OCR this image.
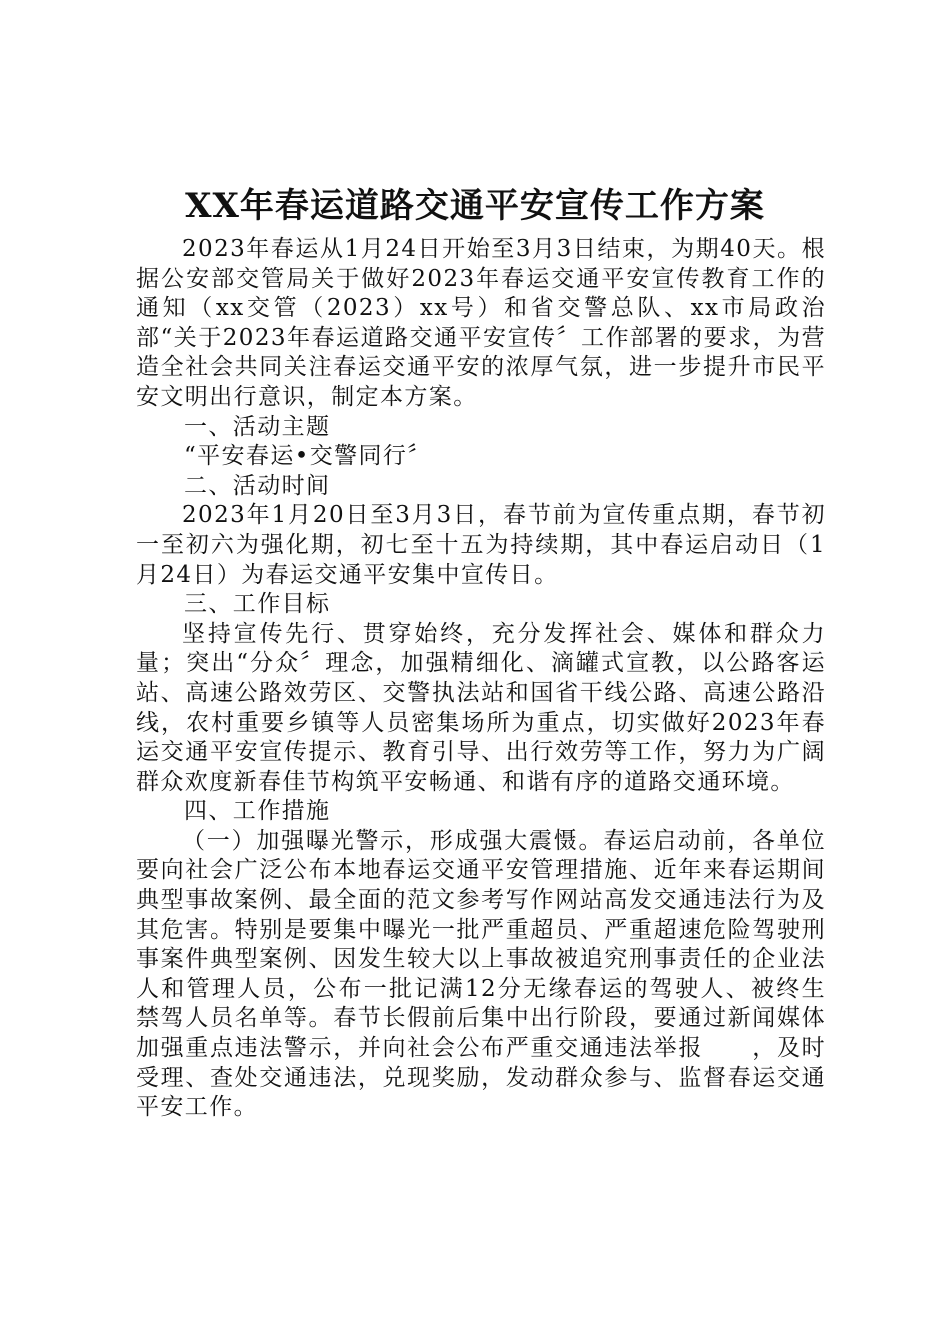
XX年春运道路交通平安宣传工作方案

2023年春运从1月24日开始至3月3日结束，为期40天。根据公安部交管局关于做好2023年春运交通平安宣传教育工作的通知（xx交管（2023）xx号）和省交警总队、xx市局政治部“关于2023年春运道路交通平安宣传〞工作部署的要求，为营造全社会共同关注春运交通平安的浓厚气氛，进一步提升市民平安文明出行意识，制定本方案。

一、活动主题

“平安春运•交警同行〞

二、活动时间

2023年1月20日至3月3日，春节前为宣传重点期，春节初一至初六为强化期，初七至十五为持续期，其中春运启动日（1月24日）为春运交通平安集中宣传日。

三、工作目标

坚持宣传先行、贯穿始终，充分发挥社会、媒体和群众力量；突出“分众〞理念，加强精细化、滴罐式宣教，以公路客运站、高速公路效劳区、交警执法站和国省干线公路、高速公路沿线，农村重要乡镇等人员密集场所为重点，切实做好2023年春运交通平安宣传提示、教育引导、出行效劳等工作，努力为广阔群众欢度新春佳节构筑平安畅通、和谐有序的道路交通环境。

四、工作措施

（一）加强曝光警示，形成强大震慑。春运启动前，各单位要向社会广泛公布本地春运交通平安管理措施、近年来春运期间典型事故案例、最全面的范文参考写作网站高发交通违法行为及其危害。特别是要集中曝光一批严重超员、严重超速危险驾驶刑事案件典型案例、因发生较大以上事故被追究刑事责任的企业法人和管理人员，公布一批记满12分无缘春运的驾驶人、被终生禁驾人员名单等。春节长假前后集中出行阶段，要通过新闻媒体加强重点违法警示，并向社会公布严重交通违法举报　　，及时受理、查处交通违法，兑现奖励，发动群众参与、监督春运交通平安工作。
